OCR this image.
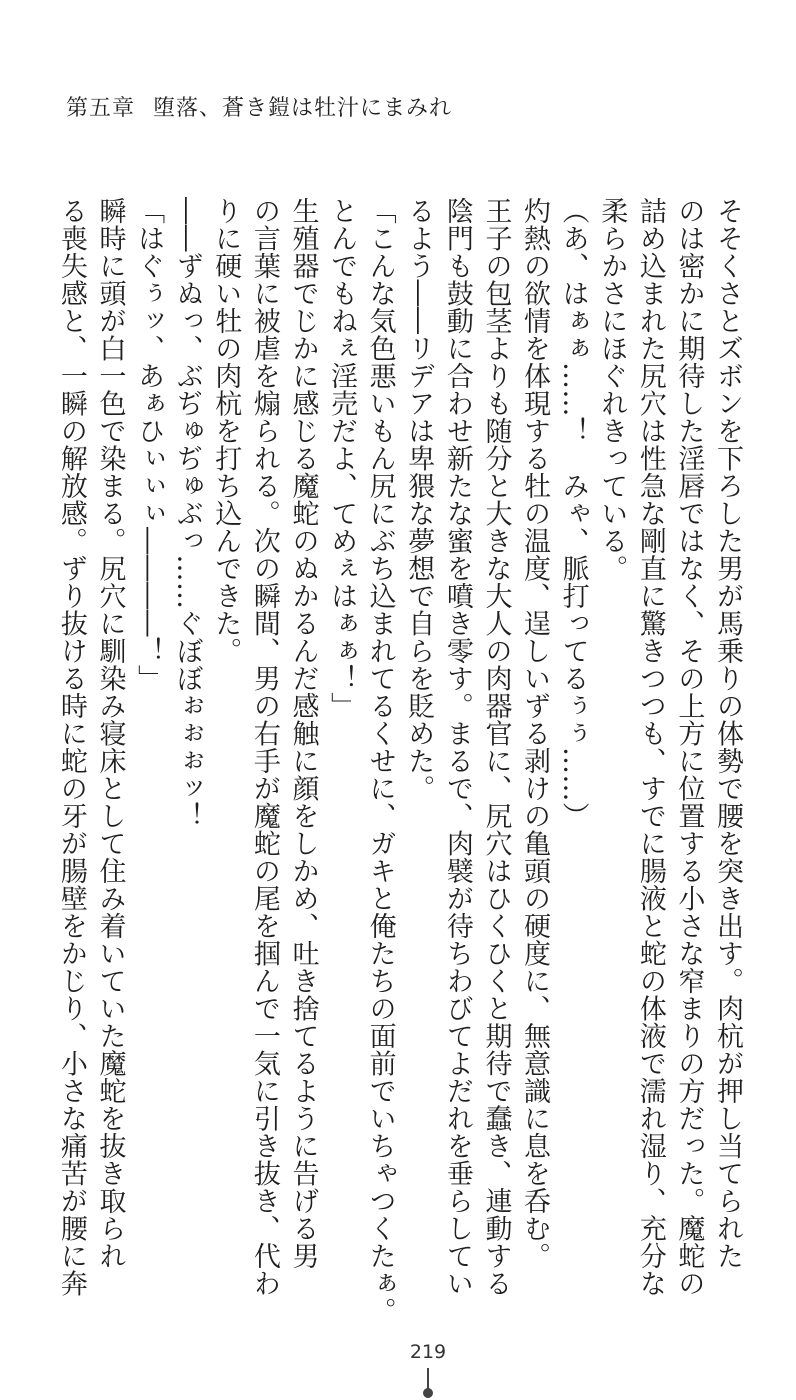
第五章 堕落、蒼き鎧は牡汁にまみれ
そそくさとズボンを下ろした男が馬乗りの体勢で腰を突き出す。肉杭が押し当てられた
のは密かに期待した淫唇ではなく、その上方に位置する小さな窄まりの方だった。魔蛇の
詰め込まれた尻穴は性急な剛直に驚きつつも、すでに腸液と蛇の体液で濡れ湿り、充分な
柔らかさにほぐれきっている。
（あ、はぁぁ……！　みゃ、脈打ってるぅぅ……）
灼熱の欲情を体現する牡の温度、逞しいずる剥けの亀頭の硬度に、無意識に息を呑む。
王子の包茎よりも随分と大きな大人の肉器官に、尻穴はひくひくと期待で蠢き、連動する
陰門も鼓動に合わせ新たな蜜を噴き零す。まるで、肉襞が待ちわびてよだれを垂らしてい
るよう――リデアは卑猥な夢想で自らを貶めた。
「こんな気色悪いもん尻にぶち込まれてるくせに、ガキと俺たちの面前でいちゃつくたぁ。
とんでもねぇ淫売だよ、てめぇはぁぁ！」
生殖器でじかに感じる魔蛇のぬかるんだ感触に顔をしかめ、吐き捨てるように告げる男
の言葉に被虐を煽られる。次の瞬間、男の右手が魔蛇の尾を掴んで一気に引き抜き、代わ
りに硬い牡の肉杭を打ち込んできた。
――ずぬっ、ぶぢゅぢゅぶっ……ぐぼぼぉぉぉッ！
「はぐぅッ、あぁひぃぃぃ――――！」
瞬時に頭が白一色で染まる。尻穴に馴染み寝床として住み着いていた魔蛇を抜き取られ
る喪失感と、一瞬の解放感。ずり抜ける時に蛇の牙が腸壁をかじり、小さな痛苦が腰に奔
219
